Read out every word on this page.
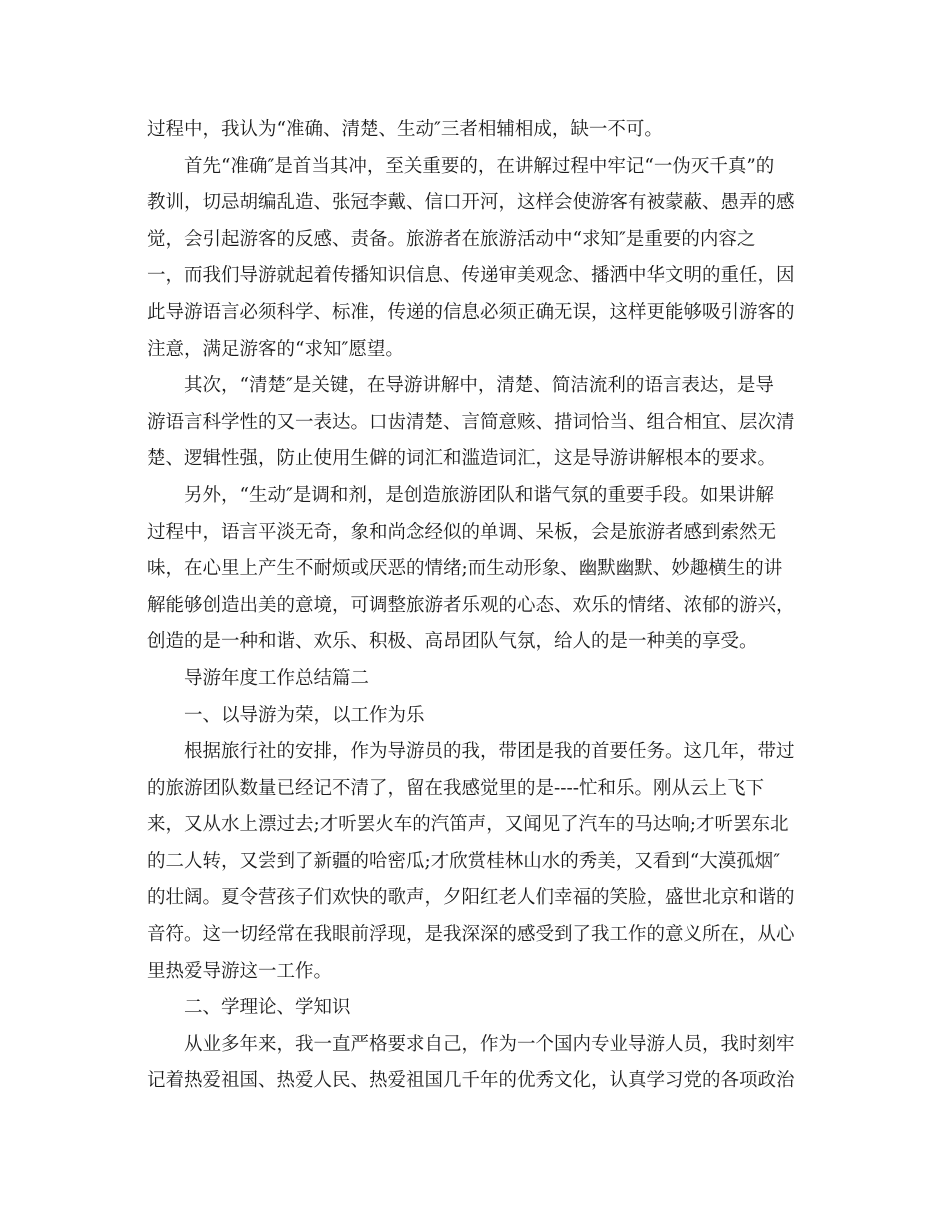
过程中，我认为“准确、清楚、生动″三者相辅相成，缺一不可。
首先“准确″是首当其冲，至关重要的，在讲解过程中牢记“一伪灭千真”的
教训，切忌胡编乱造、张冠李戴、信口开河，这样会使游客有被蒙蔽、愚弄的感
觉，会引起游客的反感、责备。旅游者在旅游活动中“求知″是重要的内容之
一，而我们导游就起着传播知识信息、传递审美观念、播洒中华文明的重任，因
此导游语言必须科学、标准，传递的信息必须正确无误，这样更能够吸引游客的
注意，满足游客的“求知″愿望。
其次，“清楚″是关键，在导游讲解中，清楚、简洁流利的语言表达，是导
游语言科学性的又一表达。口齿清楚、言简意赅、措词恰当、组合相宜、层次清
楚、逻辑性强，防止使用生僻的词汇和滥造词汇，这是导游讲解根本的要求。
另外，“生动″是调和剂，是创造旅游团队和谐气氛的重要手段。如果讲解
过程中，语言平淡无奇，象和尚念经似的单调、呆板，会是旅游者感到索然无
味，在心里上产生不耐烦或厌恶的情绪;而生动形象、幽默幽默、妙趣横生的讲
解能够创造出美的意境，可调整旅游者乐观的心态、欢乐的情绪、浓郁的游兴，
创造的是一种和谐、欢乐、积极、高昂团队气氛，给人的是一种美的享受。
导游年度工作总结篇二
一、以导游为荣，以工作为乐
根据旅行社的安排，作为导游员的我，带团是我的首要任务。这几年，带过
的旅游团队数量已经记不清了，留在我感觉里的是----忙和乐。刚从云上飞下
来，又从水上漂过去;才听罢火车的汽笛声，又闻见了汽车的马达响;才听罢东北
的二人转，又尝到了新疆的哈密瓜;才欣赏桂林山水的秀美，又看到“大漠孤烟″
的壮阔。夏令营孩子们欢快的歌声，夕阳红老人们幸福的笑脸，盛世北京和谐的
音符。这一切经常在我眼前浮现，是我深深的感受到了我工作的意义所在，从心
里热爱导游这一工作。
二、学理论、学知识
从业多年来，我一直严格要求自己，作为一个国内专业导游人员，我时刻牢
记着热爱祖国、热爱人民、热爱祖国几千年的优秀文化，认真学习党的各项政治
